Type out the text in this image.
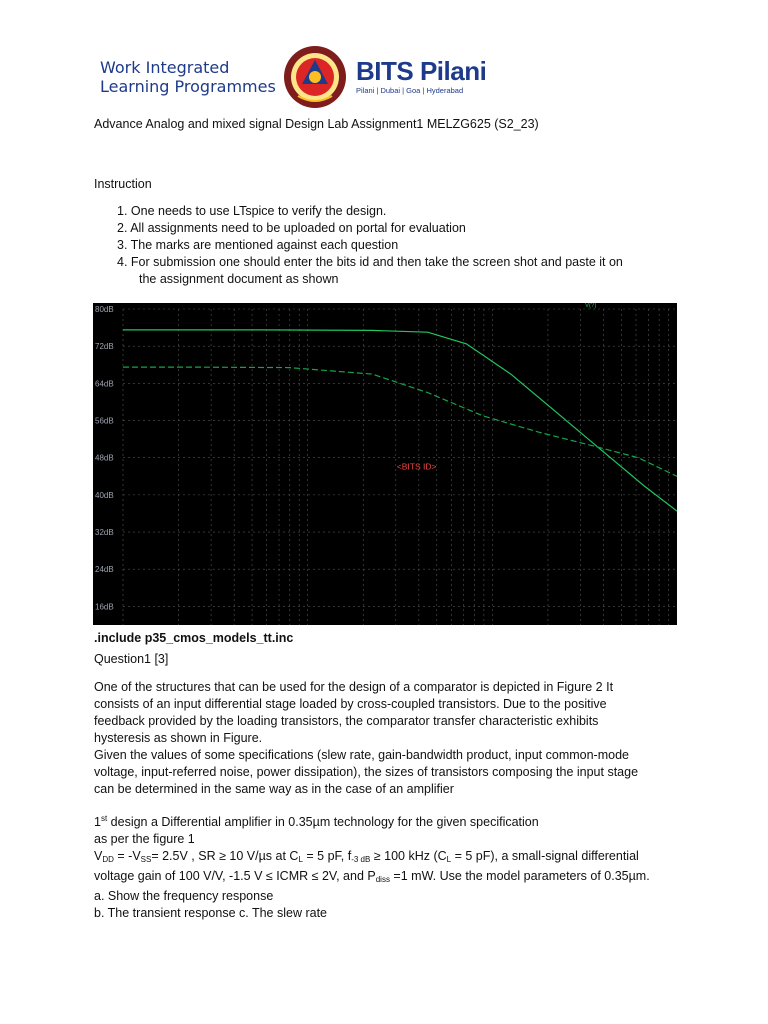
Work Integrated
Learning Programmes
BITS Pilani
Pilani | Dubai | Goa | Hyderabad
Advance Analog and mixed signal Design Lab Assignment1 MELZG625 (S2_23)
Instruction
1. One needs to use LTspice to verify the design.
2. All assignments need to be uploaded on portal for evaluation
3. The marks are mentioned against each question
4. For submission one should enter the bits id and then take the screen shot and paste it on
the assignment document as shown
80dB
72dB
64dB
56dB
48dB
40dB
32dB
24dB
16dB
<BITS ID>
V(?)
.include p35_cmos_models_tt.inc
Question1 [3]
One of the structures that can be used for the design of a comparator is depicted in Figure 2 It
consists of an input differential stage loaded by cross-coupled transistors. Due to the positive
feedback provided by the loading transistors, the comparator transfer characteristic exhibits
hysteresis as shown in Figure.
Given the values of some specifications (slew rate, gain-bandwidth product, input common-mode
voltage, input-referred noise, power dissipation), the sizes of transistors composing the input stage
can be determined in the same way as in the case of an amplifier
1st design a Differential amplifier in 0.35µm technology for the given specification
as per the figure 1
$V_{DD} = -V_{SS}= 2.5V$ , SR ≥ 10 V/µs at $C_L = 5$ pF, $f_{-3 dB} \ge 100$ kHz ($C_L = 5$ pF), a small-signal differential
voltage gain of 100 V/V, -1.5 V ≤ ICMR ≤ 2V, and $P_{diss} =1$ mW. Use the model parameters of 0.35µm.
a. Show the frequency response
b. The transient response c. The slew rate
